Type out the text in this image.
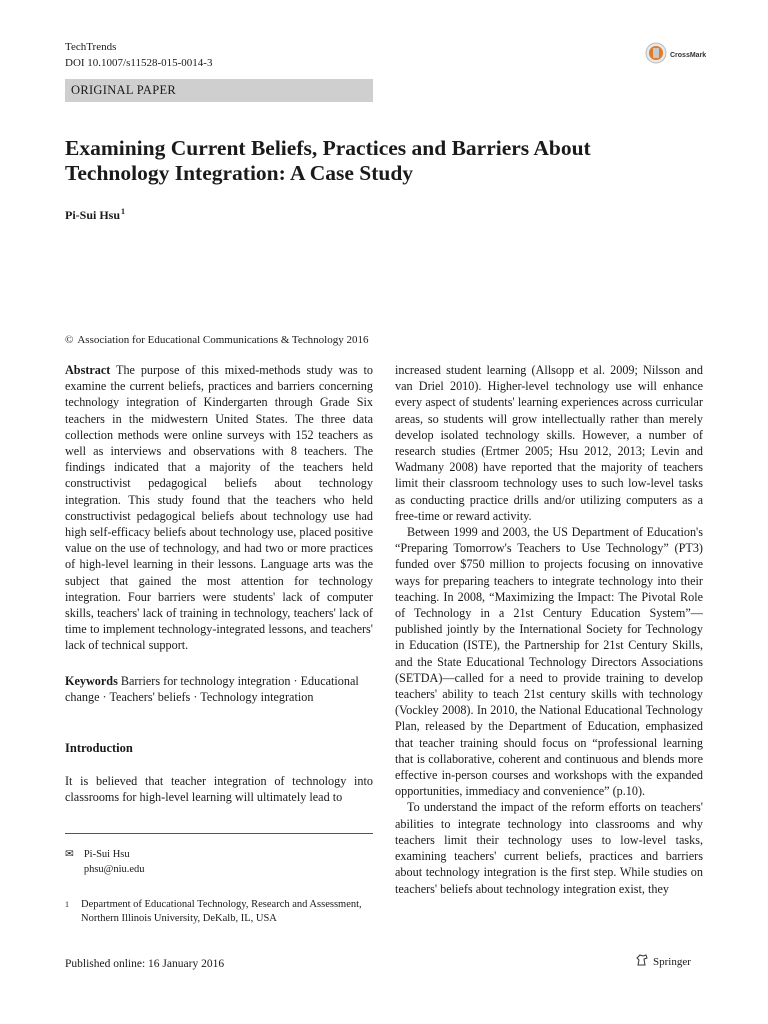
TechTrends
DOI 10.1007/s11528-015-0014-3
CrossMark
ORIGINAL PAPER
Examining Current Beliefs, Practices and Barriers About Technology Integration: A Case Study
Pi-Sui Hsu$^1$
© Association for Educational Communications & Technology 2016

Abstract The purpose of this mixed-methods study was to examine the current beliefs, practices and barriers concerning technology integration of Kindergarten through Grade Six teachers in the midwestern United States. The three data collection methods were online surveys with 152 teachers as well as interviews and observations with 8 teachers. The findings indicated that a majority of the teachers held constructivist pedagogical beliefs about technology integration. This study found that the teachers who held constructivist pedagogical beliefs about technology use had high self-efficacy beliefs about technology use, placed positive value on the use of technology, and had two or more practices of high-level learning in their lessons. Language arts was the subject that gained the most attention for technology integration. Four barriers were students' lack of computer skills, teachers' lack of training in technology, teachers' lack of time to implement technology-integrated lessons, and teachers' lack of technical support.

Keywords Barriers for technology integration · Educational change · Teachers' beliefs · Technology integration
Introduction
It is believed that teacher integration of technology into classrooms for high-level learning will ultimately lead to
✉ Pi-Sui Hsu
phsu@niu.edu
1 Department of Educational Technology, Research and Assessment, Northern Illinois University, DeKalb, IL, USA

increased student learning (Allsopp et al. 2009; Nilsson and van Driel 2010). Higher-level technology use will enhance every aspect of students' learning experiences across curricular areas, so students will grow intellectually rather than merely develop isolated technology skills. However, a number of research studies (Ertmer 2005; Hsu 2012, 2013; Levin and Wadmany 2008) have reported that the majority of teachers limit their classroom technology uses to such low-level tasks as conducting practice drills and/or utilizing computers as a free-time or reward activity.

Between 1999 and 2003, the US Department of Education's “Preparing Tomorrow's Teachers to Use Technology” (PT3) funded over $750 million to projects focusing on innovative ways for preparing teachers to integrate technology into their teaching. In 2008, “Maximizing the Impact: The Pivotal Role of Technology in a 21st Century Education System”—published jointly by the International Society for Technology in Education (ISTE), the Partnership for 21st Century Skills, and the State Educational Technology Directors Associations (SETDA)—called for a need to provide training to develop teachers' ability to teach 21st century skills with technology (Vockley 2008). In 2010, the National Educational Technology Plan, released by the Department of Education, emphasized that teacher training should focus on “professional learning that is collaborative, coherent and continuous and blends more effective in-person courses and workshops with the expanded opportunities, immediacy and convenience” (p.10).

To understand the impact of the reform efforts on teachers' abilities to integrate technology into classrooms and why teachers limit their technology uses to low-level tasks, examining teachers' current beliefs, practices and barriers about technology integration is the first step. While studies on teachers' beliefs about technology integration exist, they

Published online: 16 January 2016	Springer
